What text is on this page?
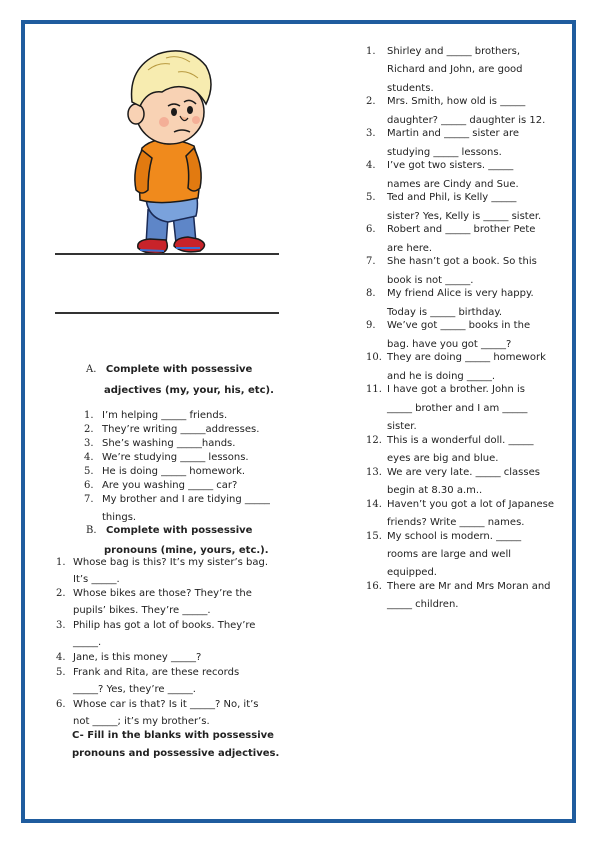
A. Complete with possessive
adjectives (my, your, his, etc).
1. I’m helping _____ friends.
2. They’re writing _____addresses.
3. She’s washing _____hands.
4. We’re studying _____ lessons.
5. He is doing _____ homework.
6. Are you washing _____ car?
7. My brother and I are tidying _____
things.
B. Complete with possessive
pronouns (mine, yours, etc.).
1. Whose bag is this? It’s my sister’s bag.
It’s _____.
2. Whose bikes are those? They’re the
pupils’ bikes. They’re _____.
3. Philip has got a lot of books. They’re
_____.
4. Jane, is this money _____?
5. Frank and Rita, are these records
_____? Yes, they’re _____.
6. Whose car is that? Is it _____? No, it’s
not _____; it’s my brother’s.
C- Fill in the blanks with possessive
pronouns and possessive adjectives.
1. Shirley and _____ brothers,
Richard and John, are good
students.
2. Mrs. Smith, how old is _____
daughter? _____ daughter is 12.
3. Martin and _____ sister are
studying _____ lessons.
4. I’ve got two sisters. _____
names are Cindy and Sue.
5. Ted and Phil, is Kelly _____
sister? Yes, Kelly is _____ sister.
6. Robert and _____ brother Pete
are here.
7. She hasn’t got a book. So this
book is not _____.
8. My friend Alice is very happy.
Today is _____ birthday.
9. We’ve got _____ books in the
bag. have you got _____?
10. They are doing _____ homework
and he is doing _____.
11. I have got a brother. John is
_____ brother and I am _____
sister.
12. This is a wonderful doll. _____
eyes are big and blue.
13. We are very late. _____ classes
begin at 8.30 a.m..
14. Haven’t you got a lot of Japanese
friends? Write _____ names.
15. My school is modern. _____
rooms are large and well
equipped.
16. There are Mr and Mrs Moran and
_____ children.
